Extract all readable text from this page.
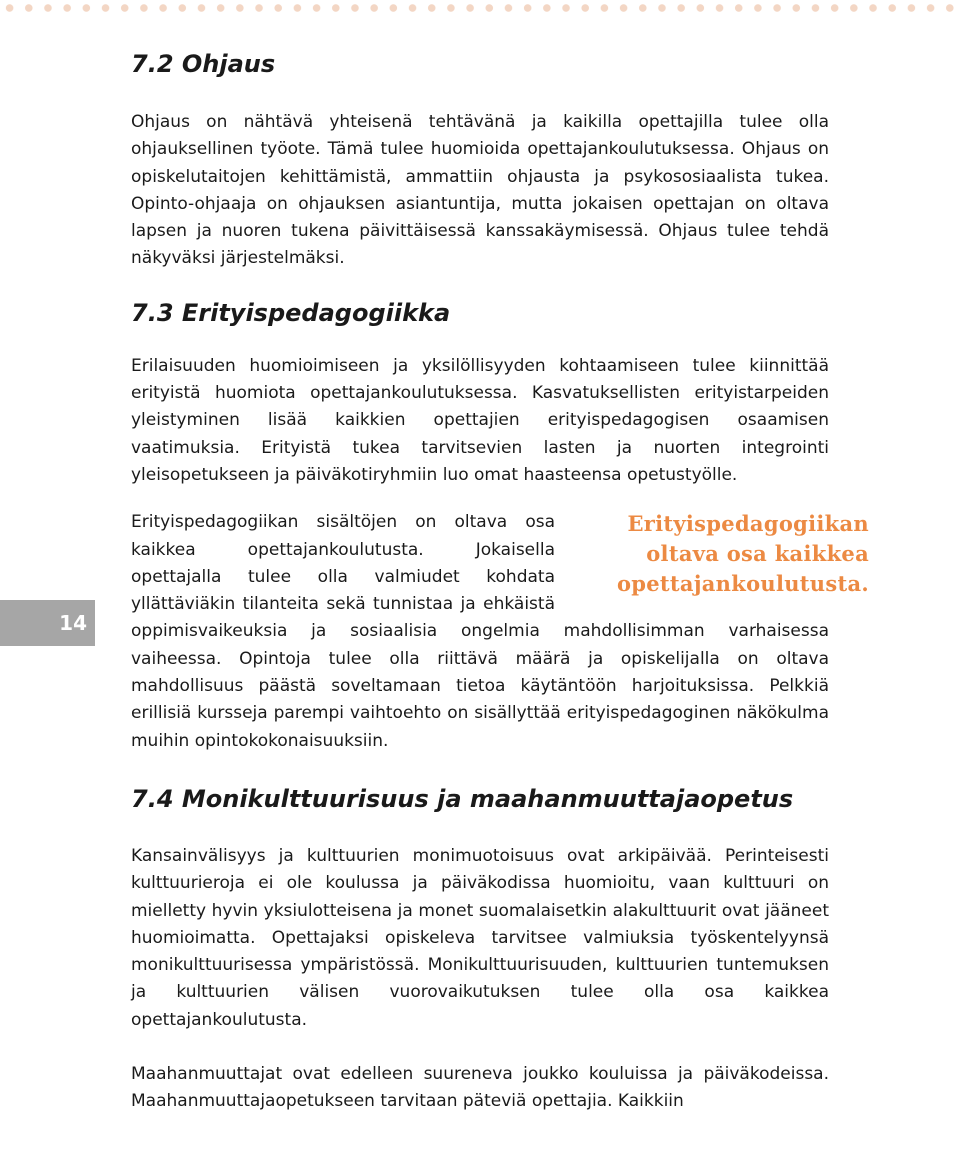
14
7.2 Ohjaus

Ohjaus on nähtävä yhteisenä tehtävänä ja kaikilla opettajilla tulee olla ohjauksellinen työote. Tämä tulee huomioida opettajankoulutuksessa. Ohjaus on opiskelutaitojen kehittämistä, ammattiin ohjausta ja psykososiaalista tukea. Opinto-ohjaaja on ohjauksen asiantuntija, mutta jokaisen opettajan on oltava lapsen ja nuoren tukena päivittäisessä kanssakäymisessä. Ohjaus tulee tehdä näkyväksi järjestelmäksi.

7.3 Erityispedagogiikka

Erilaisuuden huomioimiseen ja yksilöllisyyden kohtaamiseen tulee kiinnittää erityistä huomiota opettajankoulutuksessa. Kasvatuksellisten erityistarpeiden yleistyminen lisää kaikkien opettajien erityispedagogisen osaamisen vaatimuksia. Erityistä tukea tarvitsevien lasten ja nuorten integrointi yleisopetukseen ja päiväkotiryhmiin luo omat haasteensa opetustyölle.

Erityispedagogiikan oltava osa kaikkea opettajankoulutusta.

Erityispedagogiikan sisältöjen on oltava osa kaikkea opettajankoulutusta. Jokaisella opettajalla tulee olla valmiudet kohdata yllättäviäkin tilanteita sekä tunnistaa ja ehkäistä oppimisvaikeuksia ja sosiaalisia ongelmia mahdollisimman varhaisessa vaiheessa. Opintoja tulee olla riittävä määrä ja opiskelijalla on oltava mahdollisuus päästä soveltamaan tietoa käytäntöön harjoituksissa. Pelkkiä erillisiä kursseja parempi vaihtoehto on sisällyttää erityispedagoginen näkökulma muihin opintokokonaisuuksiin.

7.4 Monikulttuurisuus ja maahanmuuttajaopetus

Kansainvälisyys ja kulttuurien monimuotoisuus ovat arkipäivää. Perinteisesti kulttuurieroja ei ole koulussa ja päiväkodissa huomioitu, vaan kulttuuri on mielletty hyvin yksiulotteisena ja monet suomalaisetkin alakulttuurit ovat jääneet huomioimatta. Opettajaksi opiskeleva tarvitsee valmiuksia työskentelyynsä monikulttuurisessa ympäristössä. Monikulttuurisuuden, kulttuurien tuntemuksen ja kulttuurien välisen vuorovaikutuksen tulee olla osa kaikkea opettajankoulutusta.

Maahanmuuttajat ovat edelleen suureneva joukko kouluissa ja päiväkodeissa. Maahanmuuttajaopetukseen tarvitaan päteviä opettajia. Kaikkiin
